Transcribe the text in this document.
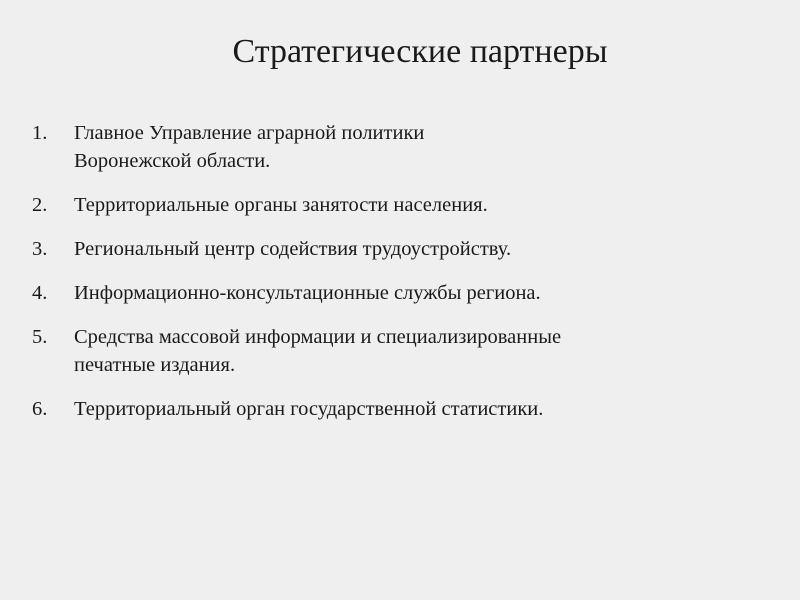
Стратегические партнеры
1.	Главное Управление аграрной политики
Воронежской области.
2.	Территориальные органы занятости населения.
3.	Региональный центр содействия трудоустройству.
4.	Информационно-консультационные службы региона.
5.	Средства массовой информации и специализированные
печатные издания.
6.	Территориальный орган государственной статистики.
